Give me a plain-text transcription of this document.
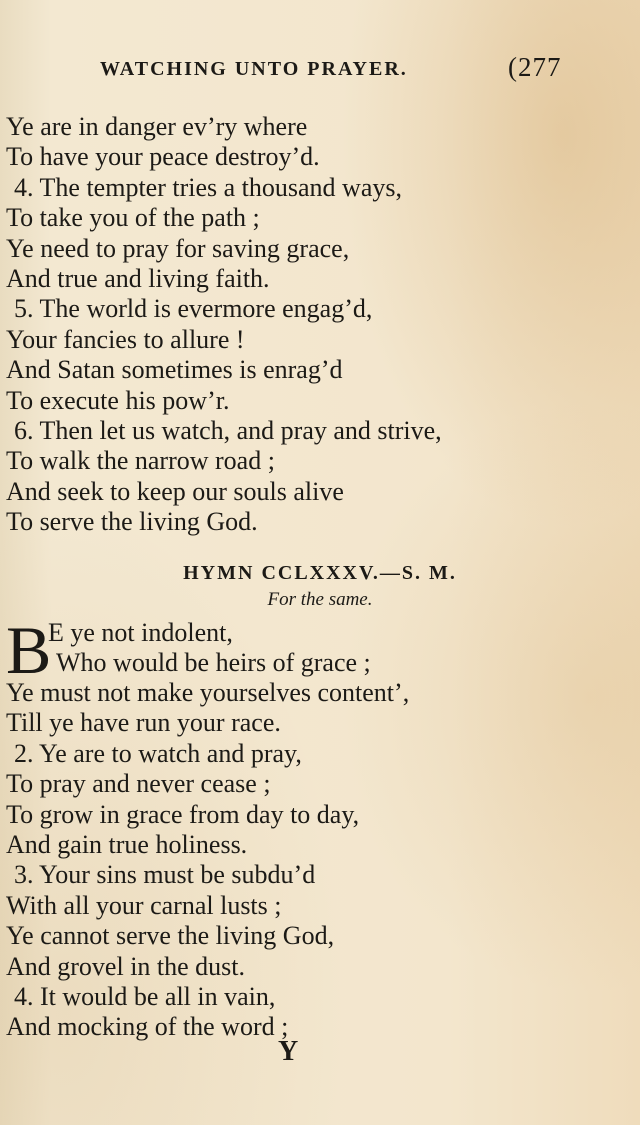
WATCHING UNTO PRAYER.	(277
Ye are in danger ev’ry where
To have your peace destroy’d.
4. The tempter tries a thousand ways,
To take you of the path ;
Ye need to pray for saving grace,
And true and living faith.
5. The world is evermore engag’d,
Your fancies to allure !
And Satan sometimes is enrag’d
To execute his pow’r.
6. Then let us watch, and pray and strive,
To walk the narrow road ;
And seek to keep our souls alive
To serve the living God.
HYMN CCLXXXV.—S. M.
For the same.
B
E ye not indolent,
Who would be heirs of grace ;
Ye must not make yourselves content’,
Till ye have run your race.
2. Ye are to watch and pray,
To pray and never cease ;
To grow in grace from day to day,
And gain true holiness.
3. Your sins must be subdu’d
With all your carnal lusts ;
Ye cannot serve the living God,
And grovel in the dust.
4. It would be all in vain,
And mocking of the word ;
Y
